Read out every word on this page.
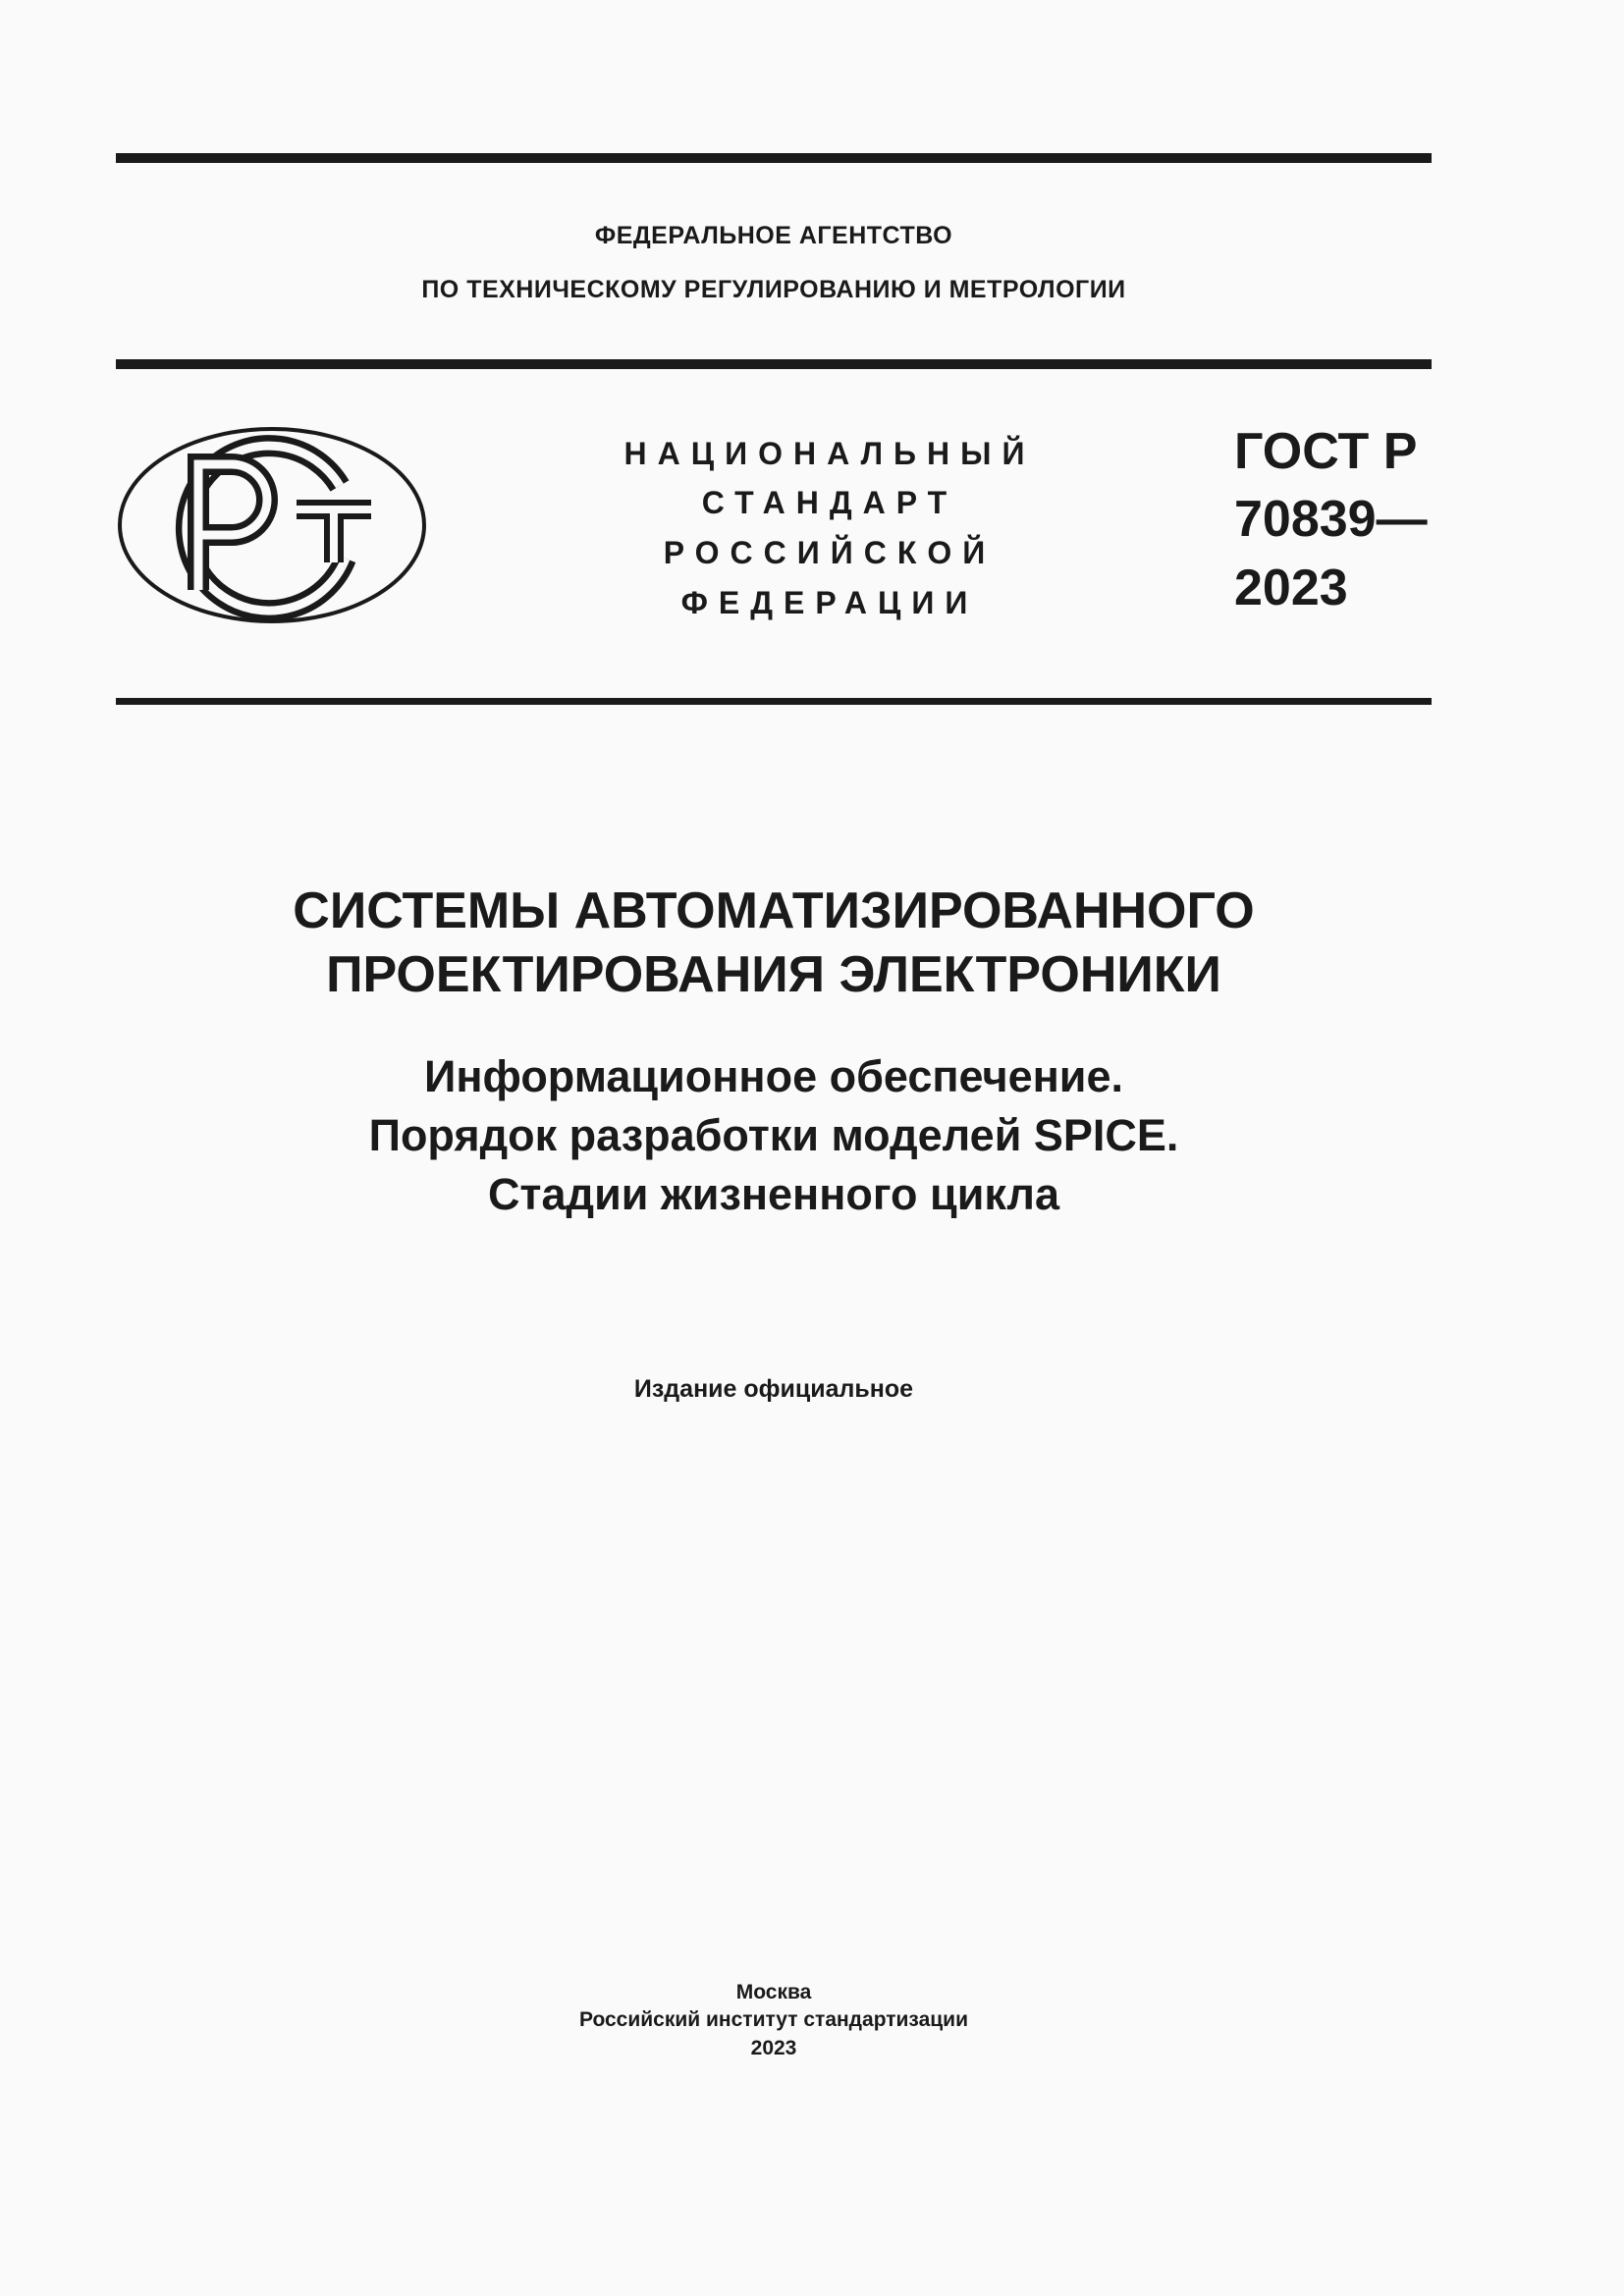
ФЕДЕРАЛЬНОЕ АГЕНТСТВО
ПО ТЕХНИЧЕСКОМУ РЕГУЛИРОВАНИЮ И МЕТРОЛОГИИ
НАЦИОНАЛЬНЫЙ
СТАНДАРТ
РОССИЙСКОЙ
ФЕДЕРАЦИИ
ГОСТ Р
70839—
2023
СИСТЕМЫ АВТОМАТИЗИРОВАННОГО
ПРОЕКТИРОВАНИЯ ЭЛЕКТРОНИКИ
Информационное обеспечение.
Порядок разработки моделей SPICE.
Стадии жизненного цикла
Издание официальное
Москва
Российский институт стандартизации
2023
